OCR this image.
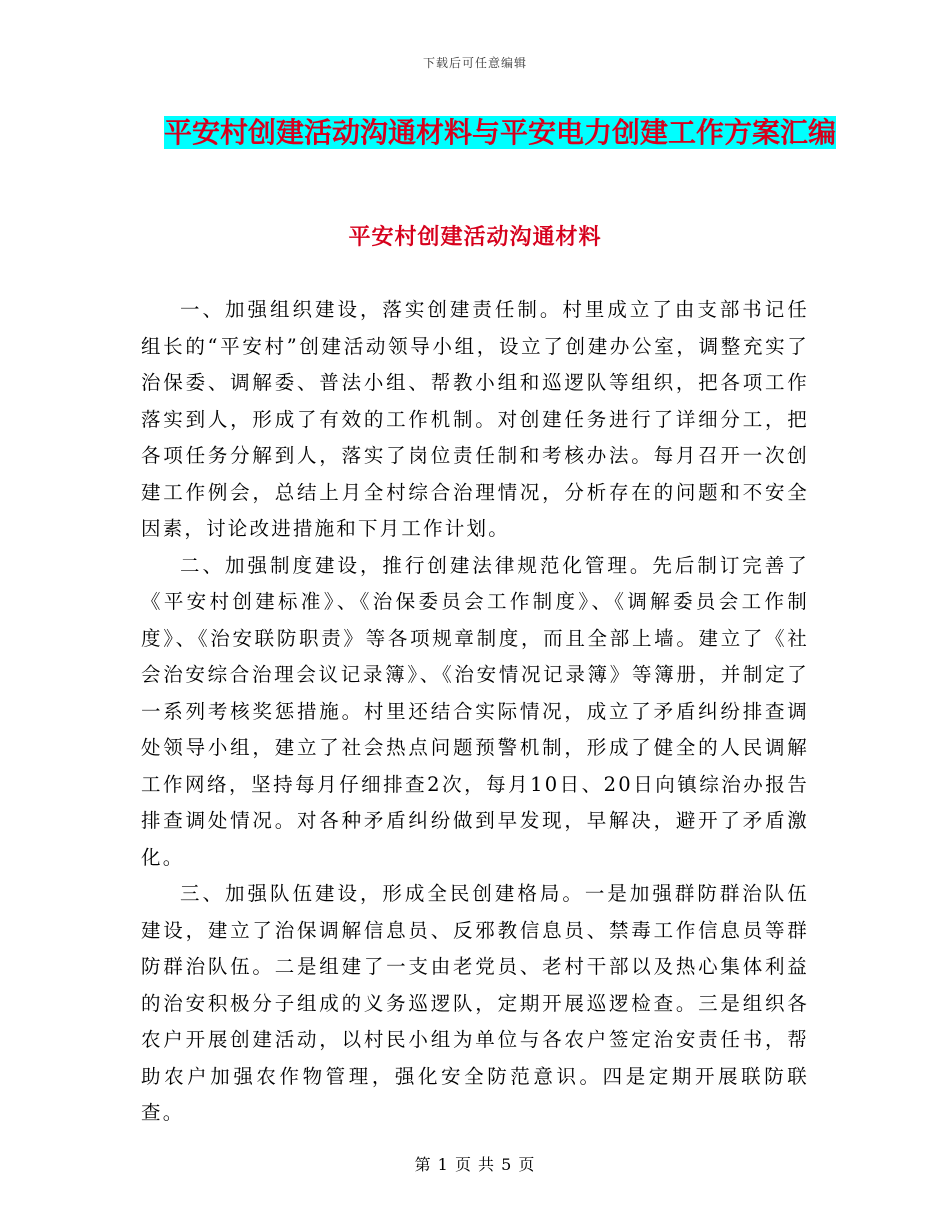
下载后可任意编辑
平安村创建活动沟通材料与平安电力创建工作方案汇编
平安村创建活动沟通材料

一、加强组织建设，落实创建责任制。村里成立了由支部书记任组长的“平安村”创建活动领导小组，设立了创建办公室，调整充实了治保委、调解委、普法小组、帮教小组和巡逻队等组织，把各项工作落实到人，形成了有效的工作机制。对创建任务进行了详细分工，把各项任务分解到人，落实了岗位责任制和考核办法。每月召开一次创建工作例会，总结上月全村综合治理情况，分析存在的问题和不安全因素，讨论改进措施和下月工作计划。

二、加强制度建设，推行创建法律规范化管理。先后制订完善了《平安村创建标准》、《治保委员会工作制度》、《调解委员会工作制度》、《治安联防职责》等各项规章制度，而且全部上墙。建立了《社会治安综合治理会议记录簿》、《治安情况记录簿》等簿册，并制定了一系列考核奖惩措施。村里还结合实际情况，成立了矛盾纠纷排查调处领导小组，建立了社会热点问题预警机制，形成了健全的人民调解工作网络，坚持每月仔细排查2次，每月10日、20日向镇综治办报告排查调处情况。对各种矛盾纠纷做到早发现，早解决，避开了矛盾激化。

三、加强队伍建设，形成全民创建格局。一是加强群防群治队伍建设，建立了治保调解信息员、反邪教信息员、禁毒工作信息员等群防群治队伍。二是组建了一支由老党员、老村干部以及热心集体利益的治安积极分子组成的义务巡逻队，定期开展巡逻检查。三是组织各农户开展创建活动，以村民小组为单位与各农户签定治安责任书，帮助农户加强农作物管理，强化安全防范意识。四是定期开展联防联查。

第 1 页 共 5 页
